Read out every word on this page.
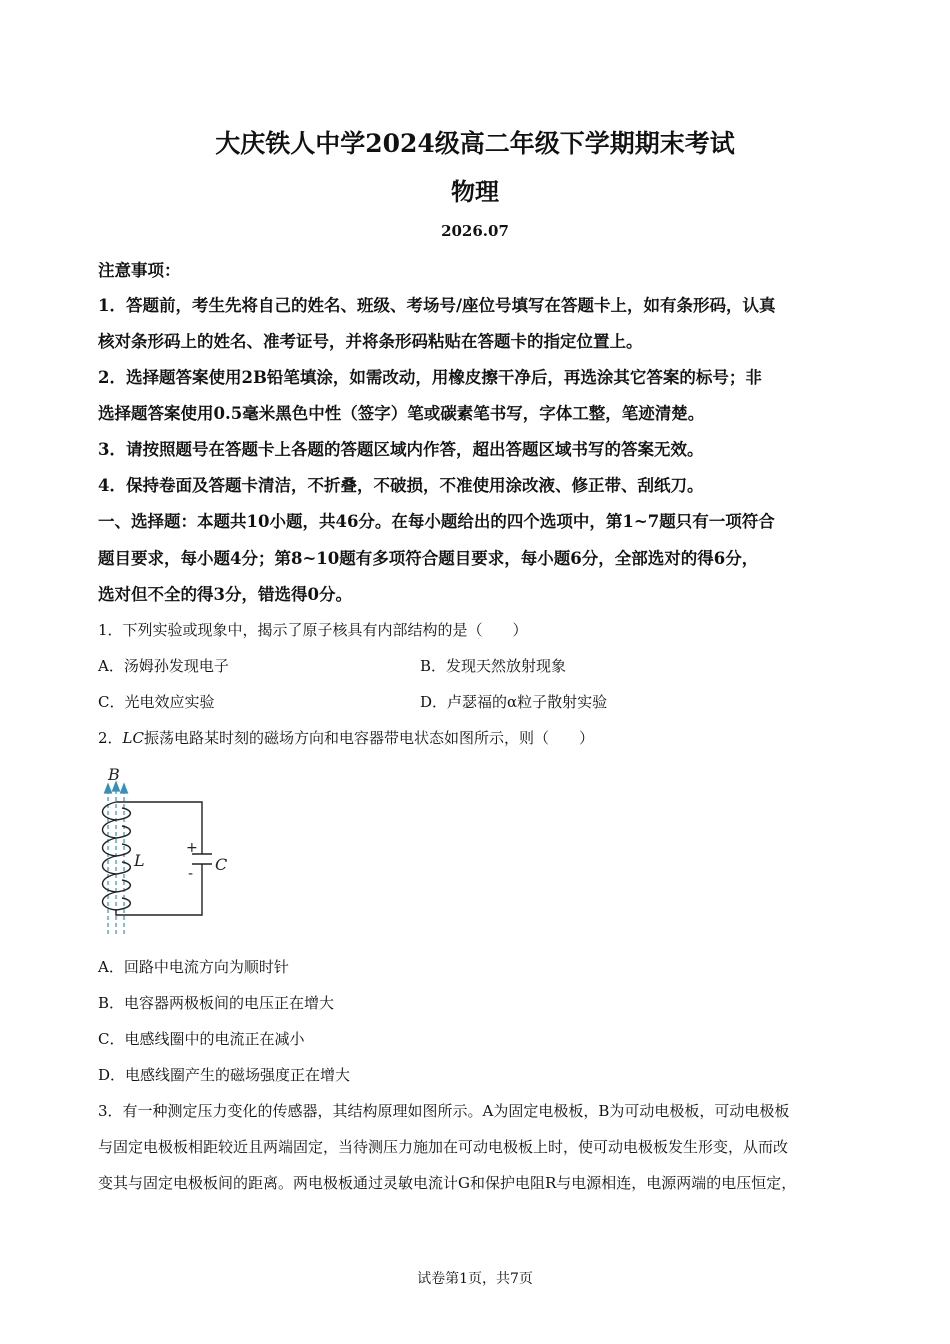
大庆铁人中学2024级高二年级下学期期末考试
物理
2026.07
注意事项：
1．答题前，考生先将自己的姓名、班级、考场号/座位号填写在答题卡上，如有条形码，认真
核对条形码上的姓名、准考证号，并将条形码粘贴在答题卡的指定位置上。
2．选择题答案使用2B铅笔填涂，如需改动，用橡皮擦干净后，再选涂其它答案的标号；非
选择题答案使用0.5毫米黑色中性（签字）笔或碳素笔书写，字体工整，笔迹清楚。
3．请按照题号在答题卡上各题的答题区域内作答，超出答题区域书写的答案无效。
4．保持卷面及答题卡清洁，不折叠，不破损，不准使用涂改液、修正带、刮纸刀。
一、选择题：本题共10小题，共46分。在每小题给出的四个选项中，第1~7题只有一项符合
题目要求，每小题4分；第8~10题有多项符合题目要求，每小题6分，全部选对的得6分，
选对但不全的得3分，错选得0分。
1．下列实验或现象中，揭示了原子核具有内部结构的是（　　）
A．汤姆孙发现电子	B．发现天然放射现象
C．光电效应实验	D．卢瑟福的α粒子散射实验
2．LC振荡电路某时刻的磁场方向和电容器带电状态如图所示，则（　　）
B
L	C
+
-
A．回路中电流方向为顺时针
B．电容器两极板间的电压正在增大
C．电感线圈中的电流正在减小
D．电感线圈产生的磁场强度正在增大
3．有一种测定压力变化的传感器，其结构原理如图所示。A为固定电极板，B为可动电极板，可动电极板
与固定电极板相距较近且两端固定，当待测压力施加在可动电极板上时，使可动电极板发生形变，从而改
变其与固定电极板间的距离。两电极板通过灵敏电流计G和保护电阻R与电源相连，电源两端的电压恒定，
试卷第1页，共7页
